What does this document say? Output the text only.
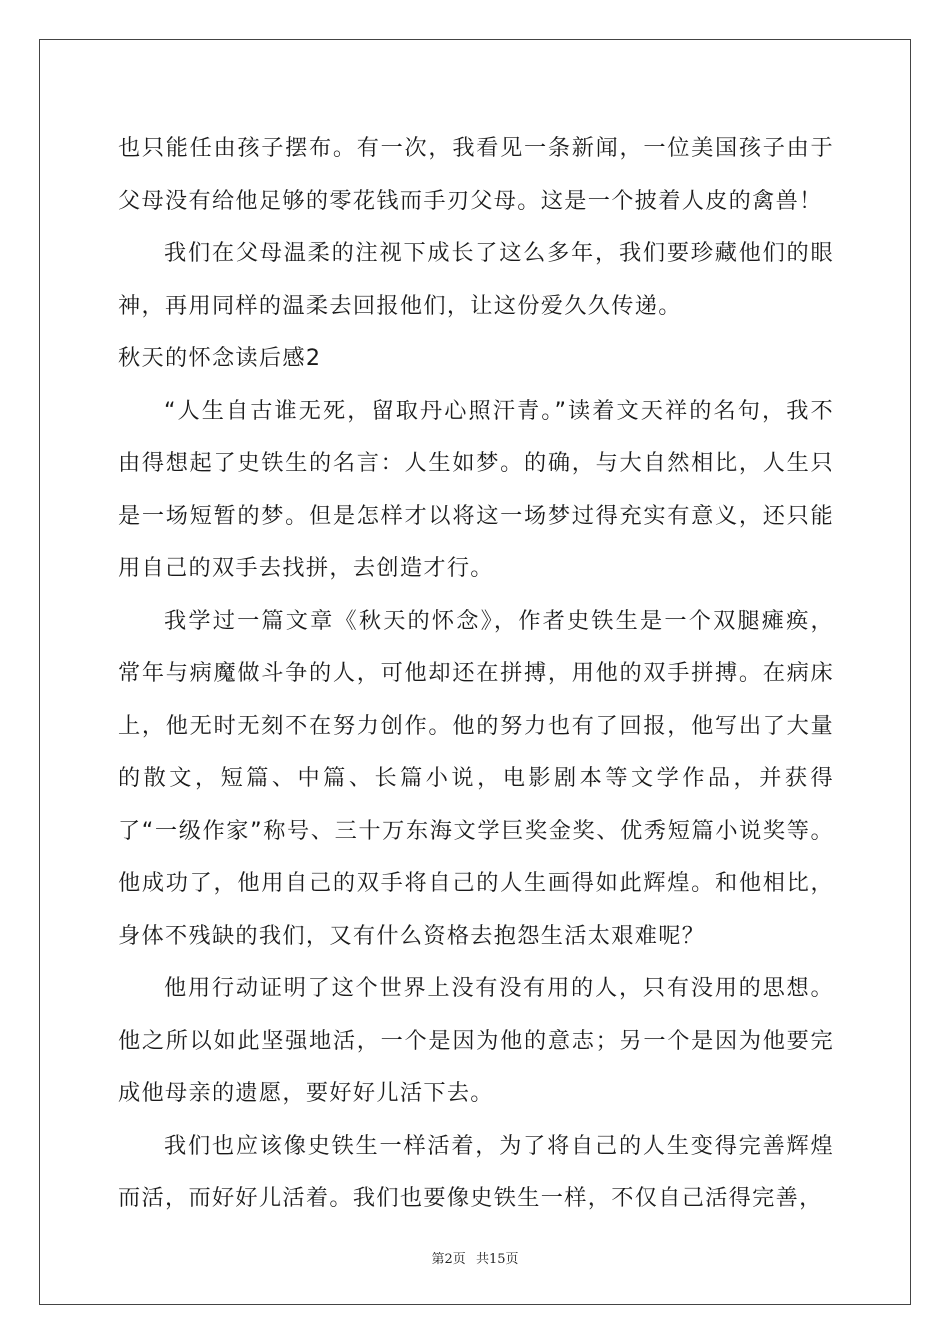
也只能任由孩子摆布。有一次，我看见一条新闻，一位美国孩子由于父母没有给他足够的零花钱而手刃父母。这是一个披着人皮的禽兽！

我们在父母温柔的注视下成长了这么多年，我们要珍藏他们的眼神，再用同样的温柔去回报他们，让这份爱久久传递。

秋天的怀念读后感2

“人生自古谁无死，留取丹心照汗青。”读着文天祥的名句，我不由得想起了史铁生的名言：人生如梦。的确，与大自然相比，人生只是一场短暂的梦。但是怎样才以将这一场梦过得充实有意义，还只能用自己的双手去找拼，去创造才行。

我学过一篇文章《秋天的怀念》，作者史铁生是一个双腿瘫痪，常年与病魔做斗争的人，可他却还在拼搏，用他的双手拼搏。在病床上，他无时无刻不在努力创作。他的努力也有了回报，他写出了大量的散文，短篇、中篇、长篇小说，电影剧本等文学作品，并获得了“一级作家”称号、三十万东海文学巨奖金奖、优秀短篇小说奖等。他成功了，他用自己的双手将自己的人生画得如此辉煌。和他相比，身体不残缺的我们，又有什么资格去抱怨生活太艰难呢？

他用行动证明了这个世界上没有没有用的人，只有没用的思想。他之所以如此坚强地活，一个是因为他的意志；另一个是因为他要完成他母亲的遗愿，要好好儿活下去。

我们也应该像史铁生一样活着，为了将自己的人生变得完善辉煌而活，而好好儿活着。我们也要像史铁生一样，不仅自己活得完善，

第2页 共15页
